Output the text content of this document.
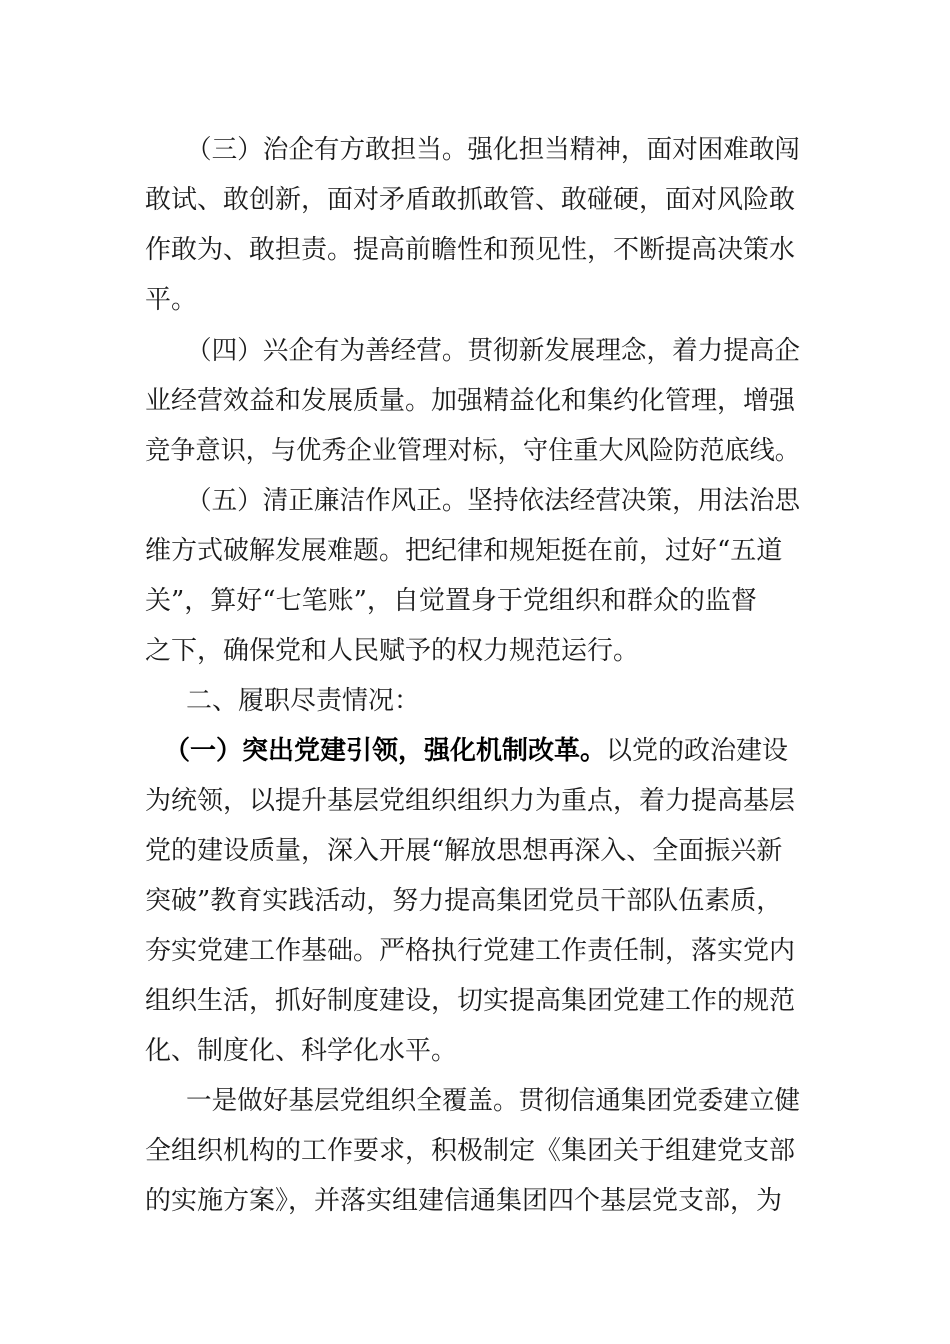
（三）治企有方敢担当。强化担当精神，面对困难敢闯
敢试、敢创新，面对矛盾敢抓敢管、敢碰硬，面对风险敢
作敢为、敢担责。提高前瞻性和预见性，不断提高决策水
平。
（四）兴企有为善经营。贯彻新发展理念，着力提高企
业经营效益和发展质量。加强精益化和集约化管理，增强
竞争意识，与优秀企业管理对标，守住重大风险防范底线。
（五）清正廉洁作风正。坚持依法经营决策，用法治思
维方式破解发展难题。把纪律和规矩挺在前，过好“五道
关”，算好“七笔账”，自觉置身于党组织和群众的监督
之下，确保党和人民赋予的权力规范运行。
二、履职尽责情况：
（一）突出党建引领，强化机制改革。以党的政治建设
为统领，以提升基层党组织组织力为重点，着力提高基层
党的建设质量，深入开展“解放思想再深入、全面振兴新
突破”教育实践活动，努力提高集团党员干部队伍素质，
夯实党建工作基础。严格执行党建工作责任制，落实党内
组织生活，抓好制度建设，切实提高集团党建工作的规范
化、制度化、科学化水平。
一是做好基层党组织全覆盖。贯彻信通集团党委建立健
全组织机构的工作要求，积极制定《集团关于组建党支部
的实施方案》，并落实组建信通集团四个基层党支部，为
